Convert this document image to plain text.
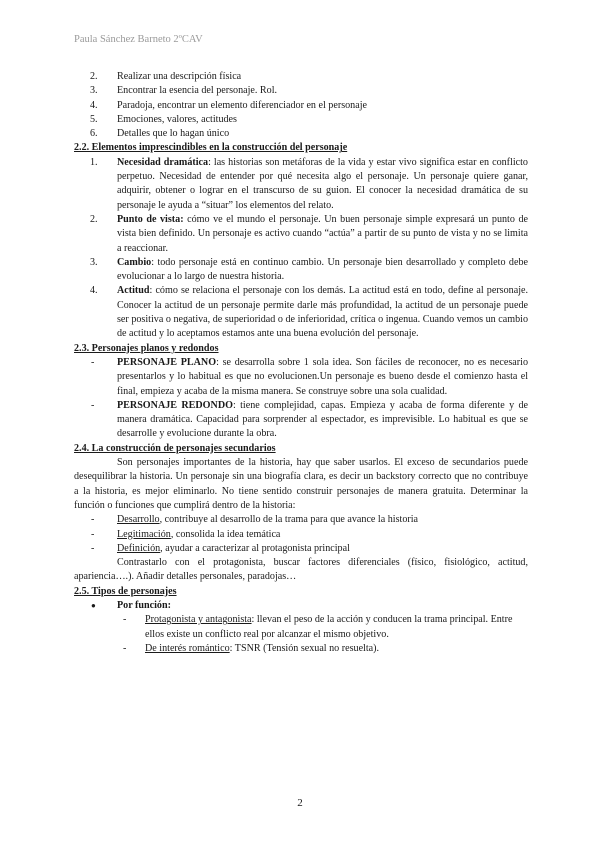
Paula Sánchez Barneto 2ºCAV
2. Realizar una descripción física
3. Encontrar la esencia del personaje. Rol.
4. Paradoja, encontrar un elemento diferenciador en el personaje
5. Emociones, valores, actitudes
6. Detalles que lo hagan único

2.2. Elementos imprescindibles en la construcción del personaje

1. Necesidad dramática: las historias son metáforas de la vida y estar vivo significa estar en conflicto perpetuo. Necesidad de entender por qué necesita algo el personaje. Un personaje quiere ganar, adquirir, obtener o lograr en el transcurso de su guion. El conocer la necesidad dramática de su personaje le ayuda a “situar” los elementos del relato.
2. Punto de vista: cómo ve el mundo el personaje. Un buen personaje simple expresará un punto de vista bien definido. Un personaje es activo cuando “actúa” a partir de su punto de vista y no se limita a reaccionar.
3. Cambio: todo personaje está en continuo cambio. Un personaje bien desarrollado y completo debe evolucionar a lo largo de nuestra historia.
4. Actitud: cómo se relaciona el personaje con los demás. La actitud está en todo, define al personaje. Conocer la actitud de un personaje permite darle más profundidad, la actitud de un personaje puede ser positiva o negativa, de superioridad o de inferioridad, crítica o ingenua. Cuando vemos un cambio de actitud y lo aceptamos estamos ante una buena evolución del personaje.

2.3. Personajes planos y redondos

- PERSONAJE PLANO: se desarrolla sobre 1 sola idea. Son fáciles de reconocer, no es necesario presentarlos y lo habitual es que no evolucionen.Un personaje es bueno desde el comienzo hasta el final, empieza y acaba de la misma manera. Se construye sobre una sola cualidad.
- PERSONAJE REDONDO: tiene complejidad, capas. Empieza y acaba de forma diferente y de manera dramática. Capacidad para sorprender al espectador, es imprevisible. Lo habitual es que se desarrolle y evolucione durante la obra.

2.4. La construcción de personajes secundarios

Son personajes importantes de la historia, hay que saber usarlos. El exceso de secundarios puede desequilibrar la historia. Un personaje sin una biografía clara, es decir un backstory correcto que no contribuye a la historia, es mejor eliminarlo. No tiene sentido construir personajes de manera gratuita. Determinar la función o funciones que cumplirá dentro de la historia:

- Desarrollo, contribuye al desarrollo de la trama para que avance la historia
- Legitimación, consolida la idea temática
- Definición, ayudar a caracterizar al protagonista principal

Contrastarlo con el protagonista, buscar factores diferenciales (físico, fisiológico, actitud, apariencia….). Añadir detalles personales, paradojas…

2.5. Tipos de personajes

● Por función:
- Protagonista y antagonista: llevan el peso de la acción y conducen la trama principal. Entre ellos existe un conflicto real por alcanzar el mismo objetivo.
- De interés romántico: TSNR (Tensión sexual no resuelta).
2
